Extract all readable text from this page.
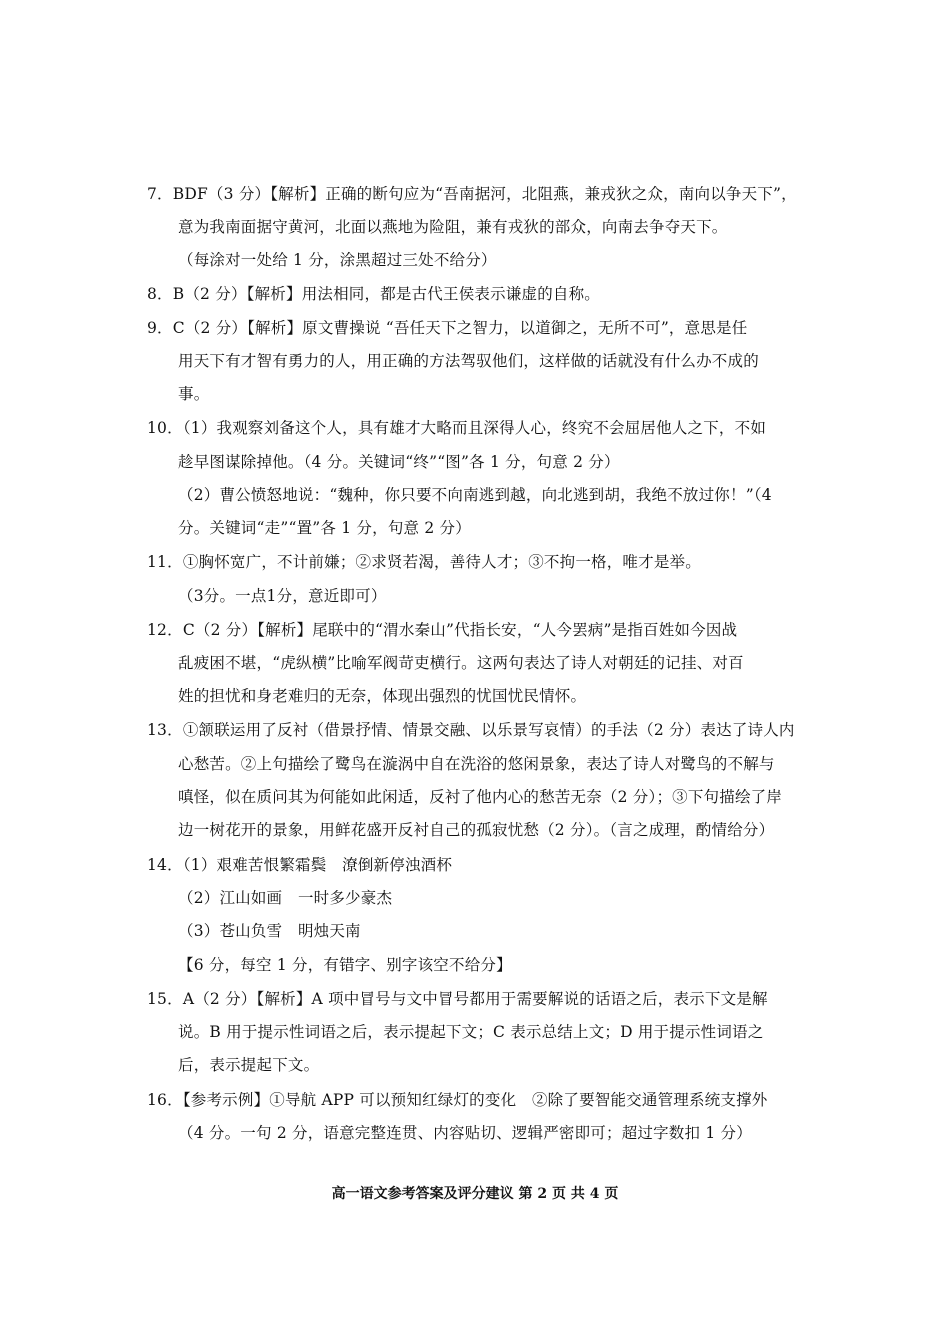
7．BDF（3 分）【解析】正确的断句应为“吾南据河，北阻燕，兼戎狄之众，南向以争天下”，
意为我南面据守黄河，北面以燕地为险阻，兼有戎狄的部众，向南去争夺天下。
（每涂对一处给 1 分，涂黑超过三处不给分）
8．B（2 分）【解析】用法相同，都是古代王侯表示谦虚的自称。
9．C（2 分）【解析】原文曹操说 “吾任天下之智力，以道御之，无所不可”，意思是任
用天下有才智有勇力的人，用正确的方法驾驭他们，这样做的话就没有什么办不成的
事。
10．（1）我观察刘备这个人，具有雄才大略而且深得人心，终究不会屈居他人之下，不如
趁早图谋除掉他。（4 分。关键词“终”“图”各 1 分，句意 2 分）
（2）曹公愤怒地说：“魏种，你只要不向南逃到越，向北逃到胡，我绝不放过你！”（4
分。关键词“走”“置”各 1 分，句意 2 分）
11．①胸怀宽广，不计前嫌；②求贤若渴，善待人才；③不拘一格，唯才是举。
（3分。一点1分，意近即可）
12．C（2 分）【解析】尾联中的“渭水秦山”代指长安，“人今罢病”是指百姓如今因战
乱疲困不堪，“虎纵横”比喻军阀苛吏横行。这两句表达了诗人对朝廷的记挂、对百
姓的担忧和身老难归的无奈，体现出强烈的忧国忧民情怀。
13．①颔联运用了反衬（借景抒情、情景交融、以乐景写哀情）的手法（2 分）表达了诗人内
心愁苦。②上句描绘了鹭鸟在漩涡中自在洗浴的悠闲景象，表达了诗人对鹭鸟的不解与
嗔怪，似在质问其为何能如此闲适，反衬了他内心的愁苦无奈（2 分）；③下句描绘了岸
边一树花开的景象，用鲜花盛开反衬自己的孤寂忧愁（2 分）。（言之成理，酌情给分）
14．（1）艰难苦恨繁霜鬓　潦倒新停浊酒杯
（2）江山如画　一时多少豪杰
（3）苍山负雪　明烛天南
【6 分，每空 1 分，有错字、别字该空不给分】
15．A（2 分）【解析】A 项中冒号与文中冒号都用于需要解说的话语之后，表示下文是解
说。B 用于提示性词语之后，表示提起下文；C 表示总结上文；D 用于提示性词语之
后，表示提起下文。
16．【参考示例】①导航 APP 可以预知红绿灯的变化　②除了要智能交通管理系统支撑外
（4 分。一句 2 分，语意完整连贯、内容贴切、逻辑严密即可；超过字数扣 1 分）
高一语文参考答案及评分建议 第 2 页 共 4 页
